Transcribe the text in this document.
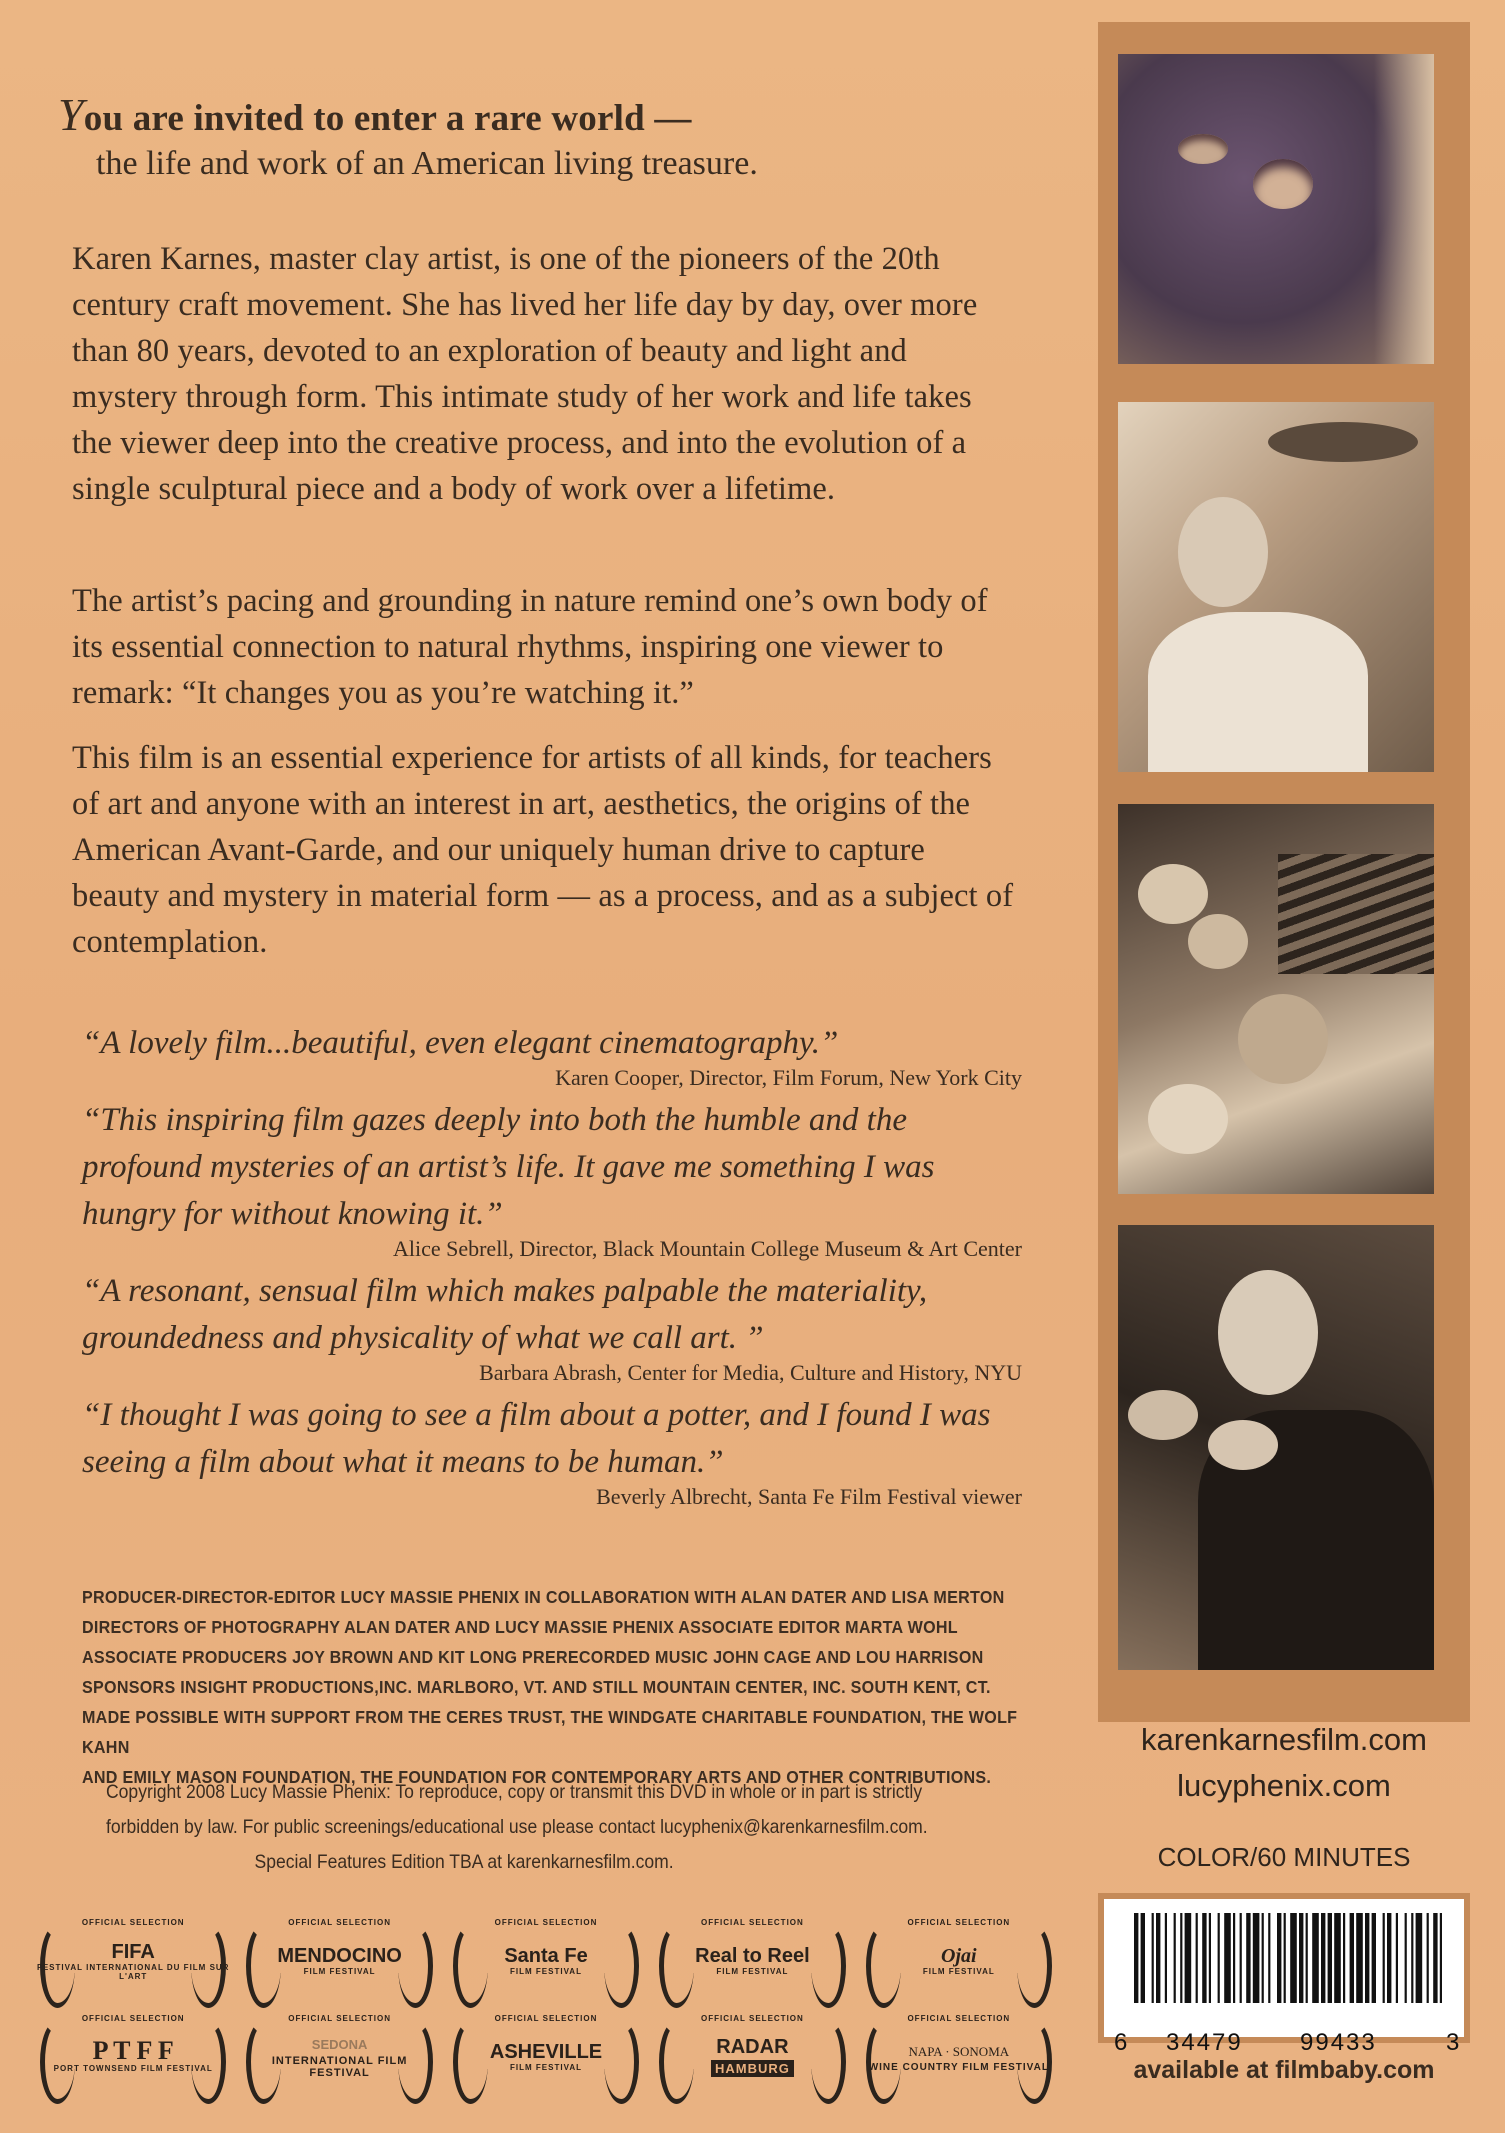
You are invited to enter a rare world —
the life and work of an American living treasure.
Karen Karnes, master clay artist, is one of the pioneers of the 20th century craft movement. She has lived her life day by day, over more than 80 years, devoted to an exploration of beauty and light and mystery through form. This intimate study of her work and life takes the viewer deep into the creative process, and into the evolution of a single sculptural piece and a body of work over a lifetime.
The artist’s pacing and grounding in nature remind one’s own body of its essential connection to natural rhythms, inspiring one viewer to remark: “It changes you as you’re watching it.”
This film is an essential experience for artists of all kinds, for teachers of art and anyone with an interest in art, aesthetics, the origins of the American Avant-Garde, and our uniquely human drive to capture beauty and mystery in material form — as a process, and as a subject of contemplation.
“A lovely film...beautiful, even elegant cinematography.”
Karen Cooper, Director, Film Forum, New York City
“This inspiring film gazes deeply into both the humble and the profound mysteries of an artist’s life. It gave me something I was hungry for without knowing it.”
Alice Sebrell, Director, Black Mountain College Museum & Art Center
“A resonant, sensual film which makes palpable the materiality, groundedness and physicality of what we call art. ”
Barbara Abrash, Center for Media, Culture and History, NYU
“I thought I was going to see a film about a potter, and I found I was seeing a film about what it means to be human.”
Beverly Albrecht, Santa Fe Film Festival viewer
PRODUCER-DIRECTOR-EDITOR LUCY MASSIE PHENIX IN COLLABORATION WITH ALAN DATER AND LISA MERTON
DIRECTORS OF PHOTOGRAPHY ALAN DATER AND LUCY MASSIE PHENIX ASSOCIATE EDITOR MARTA WOHL
ASSOCIATE PRODUCERS JOY BROWN AND KIT LONG PRERECORDED MUSIC JOHN CAGE AND LOU HARRISON
SPONSORS INSIGHT PRODUCTIONS,INC. MARLBORO, VT. AND STILL MOUNTAIN CENTER, INC. SOUTH KENT, CT.
MADE POSSIBLE WITH SUPPORT FROM THE CERES TRUST, THE WINDGATE CHARITABLE FOUNDATION, THE WOLF KAHN
AND EMILY MASON FOUNDATION, THE FOUNDATION FOR CONTEMPORARY ARTS AND OTHER CONTRIBUTIONS.
Copyright 2008 Lucy Massie Phenix: To reproduce, copy or transmit this DVD in whole or in part is strictly
forbidden by law. For public screenings/educational use please contact lucyphenix@karenkarnesfilm.com.
Special Features Edition TBA at karenkarnesfilm.com.
OFFICIAL SELECTION
FIFA
FESTIVAL INTERNATIONAL DU FILM SUR L'ART
OFFICIAL SELECTION
MENDOCINO
FILM FESTIVAL
OFFICIAL SELECTION
Santa Fe
FILM FESTIVAL
OFFICIAL SELECTION
Real to Reel
FILM FESTIVAL
OFFICIAL SELECTION
Ojai
FILM FESTIVAL
OFFICIAL SELECTION
P T F F
PORT TOWNSEND FILM FESTIVAL
OFFICIAL SELECTION
SEDONA
INTERNATIONAL FILM FESTIVAL
OFFICIAL SELECTION
ASHEVILLE
FILM FESTIVAL
OFFICIAL SELECTION
RADAR
HAMBURG
OFFICIAL SELECTION
NAPA · SONOMA
WINE COUNTRY FILM FESTIVAL
karenkarnesfilm.com
lucyphenix.com
COLOR/60 MINUTES
6 34479 99433	3
available at filmbaby.com
